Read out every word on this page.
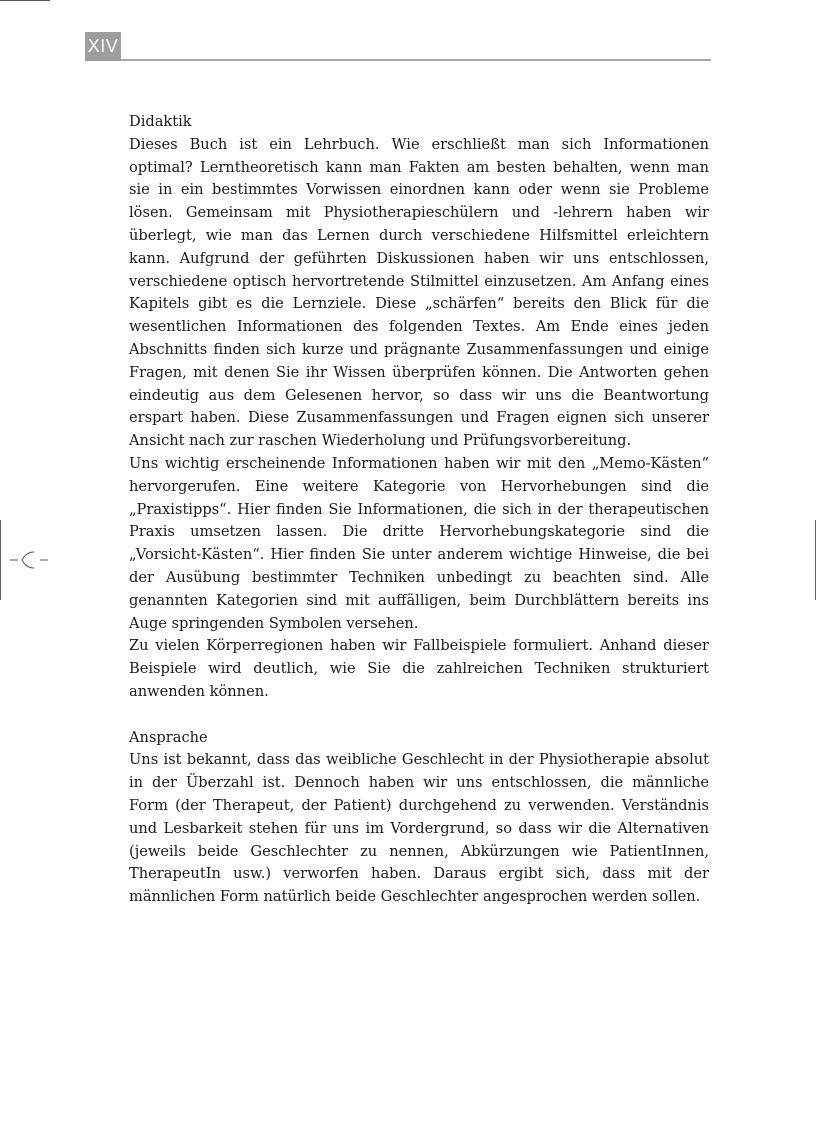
XIV

Didaktik

Dieses Buch ist ein Lehrbuch. Wie erschließt man sich Informationen optimal? Lerntheoretisch kann man Fakten am besten behalten, wenn man sie in ein bestimmtes Vorwissen einordnen kann oder wenn sie Probleme lösen. Gemeinsam mit Physiotherapieschülern und -lehrern haben wir überlegt, wie man das Lernen durch verschiedene Hilfsmittel erleichtern kann. Aufgrund der geführten Diskussionen haben wir uns entschlossen, verschiedene optisch hervortretende Stilmittel einzusetzen. Am Anfang eines Kapitels gibt es die Lernziele. Diese „schärfen“ bereits den Blick für die wesentlichen Informationen des folgenden Textes. Am Ende eines jeden Abschnitts finden sich kurze und prägnante Zusammenfassungen und einige Fragen, mit denen Sie ihr Wissen überprüfen können. Die Antworten gehen eindeutig aus dem Gelesenen hervor, so dass wir uns die Beantwortung erspart haben. Diese Zusammenfassungen und Fragen eignen sich unserer Ansicht nach zur raschen Wiederholung und Prüfungsvorbereitung.

Uns wichtig erscheinende Informationen haben wir mit den „Memo-Kästen“ hervorgerufen. Eine weitere Kategorie von Hervorhebungen sind die „Praxistipps“. Hier finden Sie Informationen, die sich in der therapeutischen Praxis umsetzen lassen. Die dritte Hervorhebungskategorie sind die „Vorsicht-Kästen“. Hier finden Sie unter anderem wichtige Hinweise, die bei der Ausübung bestimmter Techniken unbedingt zu beachten sind. Alle genannten Kategorien sind mit auffälligen, beim Durchblättern bereits ins Auge springenden Symbolen versehen.

Zu vielen Körperregionen haben wir Fallbeispiele formuliert. Anhand dieser Beispiele wird deutlich, wie Sie die zahlreichen Techniken strukturiert anwenden können.

Ansprache

Uns ist bekannt, dass das weibliche Geschlecht in der Physiotherapie absolut in der Überzahl ist. Dennoch haben wir uns entschlossen, die männliche Form (der Therapeut, der Patient) durchgehend zu verwenden. Verständnis und Lesbarkeit stehen für uns im Vordergrund, so dass wir die Alternativen (jeweils beide Geschlechter zu nennen, Abkürzungen wie PatientInnen, TherapeutIn usw.) verworfen haben. Daraus ergibt sich, dass mit der männlichen Form natürlich beide Geschlechter angesprochen werden sollen.
